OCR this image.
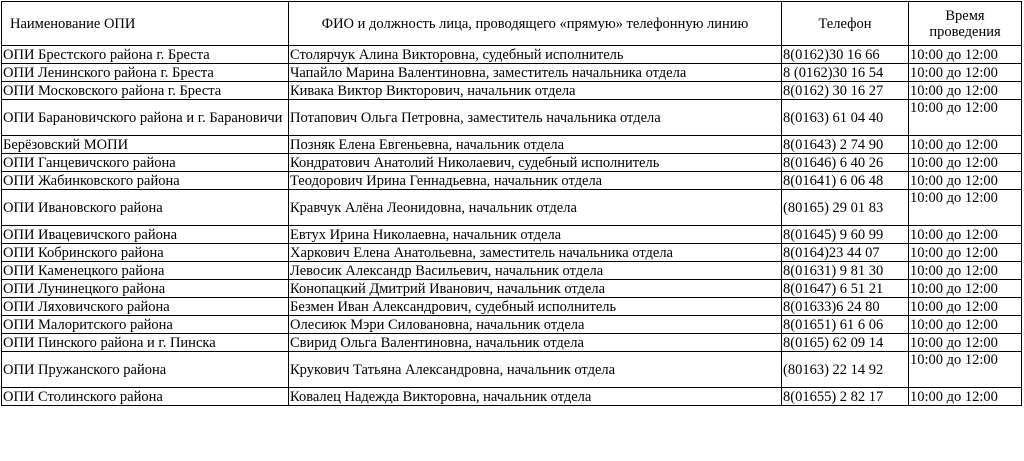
Наименование ОПИ	ФИО и должность лица, проводящего «прямую» телефонную линию	Телефон	Время проведения
ОПИ Брестского района г. Бреста	Столярчук Алина Викторовна, судебный исполнитель	8(0162)30 16 66	10:00 до 12:00
ОПИ Ленинского района г. Бреста	Чапайло Марина Валентиновна, заместитель начальника отдела	8 (0162)30 16 54	10:00 до 12:00
ОПИ Московского района г. Бреста	Кивака Виктор Викторович, начальник отдела	8(0162) 30 16 27	10:00 до 12:00
ОПИ Барановичского района и г. Барановичи	Потапович Ольга Петровна, заместитель начальника отдела	8(0163) 61 04 40	10:00 до 12:00
Берёзовский МОПИ	Позняк Елена Евгеньевна, начальник отдела	8(01643) 2 74 90	10:00 до 12:00
ОПИ Ганцевичского района	Кондратович Анатолий Николаевич, судебный исполнитель	8(01646) 6 40 26	10:00 до 12:00
ОПИ Жабинковского района	Теодорович Ирина Геннадьевна, начальник отдела	8(01641) 6 06 48	10:00 до 12:00
ОПИ Ивановского района	Кравчук Алёна Леонидовна, начальник отдела	(80165) 29 01 83	10:00 до 12:00
ОПИ Ивацевичского района	Евтух Ирина Николаевна, начальник отдела	8(01645) 9 60 99	10:00 до 12:00
ОПИ Кобринского района	Харкович Елена Анатольевна, заместитель начальника отдела	8(0164)23 44 07	10:00 до 12:00
ОПИ Каменецкого района	Левосик Александр Васильевич, начальник отдела	8(01631) 9 81 30	10:00 до 12:00
ОПИ Лунинецкого района	Конопацкий Дмитрий Иванович, начальник отдела	8(01647) 6 51 21	10:00 до 12:00
ОПИ Ляховичского района	Безмен Иван Александрович, судебный исполнитель	8(01633)6 24 80	10:00 до 12:00
ОПИ Малоритского района	Олесиюк Мэри Силовановна, начальник отдела	8(01651) 61 6 06	10:00 до 12:00
ОПИ Пинского района и г. Пинска	Свирид Ольга Валентиновна, начальник отдела	8(0165) 62 09 14	10:00 до 12:00
ОПИ Пружанского района	Крукович Татьяна Александровна, начальник отдела	(80163) 22 14 92	10:00 до 12:00
ОПИ Столинского района	Ковалец Надежда Викторовна, начальник отдела	8(01655) 2 82 17	10:00 до 12:00
